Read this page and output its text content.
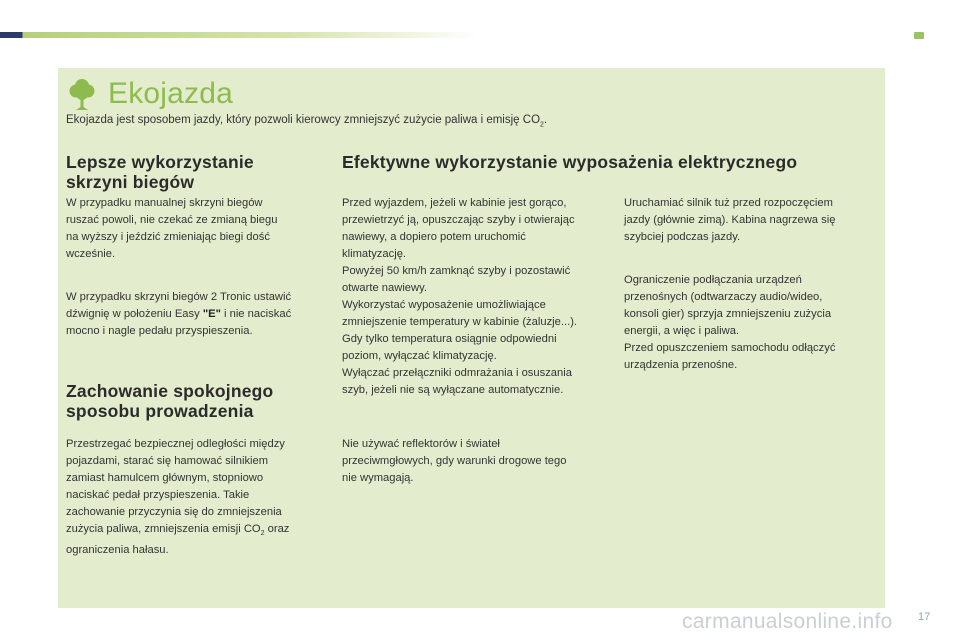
Ekojazda
Ekojazda jest sposobem jazdy, który pozwoli kierowcy zmniejszyć zużycie paliwa i emisję $CO_2$.
Lepsze wykorzystanie
skrzyni biegów

W przypadku manualnej skrzyni biegów
ruszać powoli, nie czekać ze zmianą biegu
na wyższy i jeździć zmieniając biegi dość
wcześnie.

W przypadku skrzyni biegów 2 Tronic ustawić
dźwignię w położeniu Easy "E" i nie naciskać
mocno i nagle pedału przyspieszenia.

Zachowanie spokojnego
sposobu prowadzenia

Przestrzegać bezpiecznej odległości między
pojazdami, starać się hamować silnikiem
zamiast hamulcem głównym, stopniowo
naciskać pedał przyspieszenia. Takie
zachowanie przyczynia się do zmniejszenia
zużycia paliwa, zmniejszenia emisji $CO_2$ oraz
ograniczenia hałasu.

Efektywne wykorzystanie wyposażenia elektrycznego

Przed wyjazdem, jeżeli w kabinie jest gorąco,
przewietrzyć ją, opuszczając szyby i otwierając
nawiewy, a dopiero potem uruchomić
klimatyzację.
Powyżej 50 km/h zamknąć szyby i pozostawić
otwarte nawiewy.
Wykorzystać wyposażenie umożliwiające
zmniejszenie temperatury w kabinie (żaluzje...).
Gdy tylko temperatura osiągnie odpowiedni
poziom, wyłączać klimatyzację.
Wyłączać przełączniki odmrażania i osuszania
szyb, jeżeli nie są wyłączane automatycznie.

Nie używać reflektorów i świateł
przeciwmgłowych, gdy warunki drogowe tego
nie wymagają.

Uruchamiać silnik tuż przed rozpoczęciem
jazdy (głównie zimą). Kabina nagrzewa się
szybciej podczas jazdy.

Ograniczenie podłączania urządzeń
przenośnych (odtwarzaczy audio/wideo,
konsoli gier) sprzyja zmniejszeniu zużycia
energii, a więc i paliwa.
Przed opuszczeniem samochodu odłączyć
urządzenia przenośne.

carmanualsonline.info 17
